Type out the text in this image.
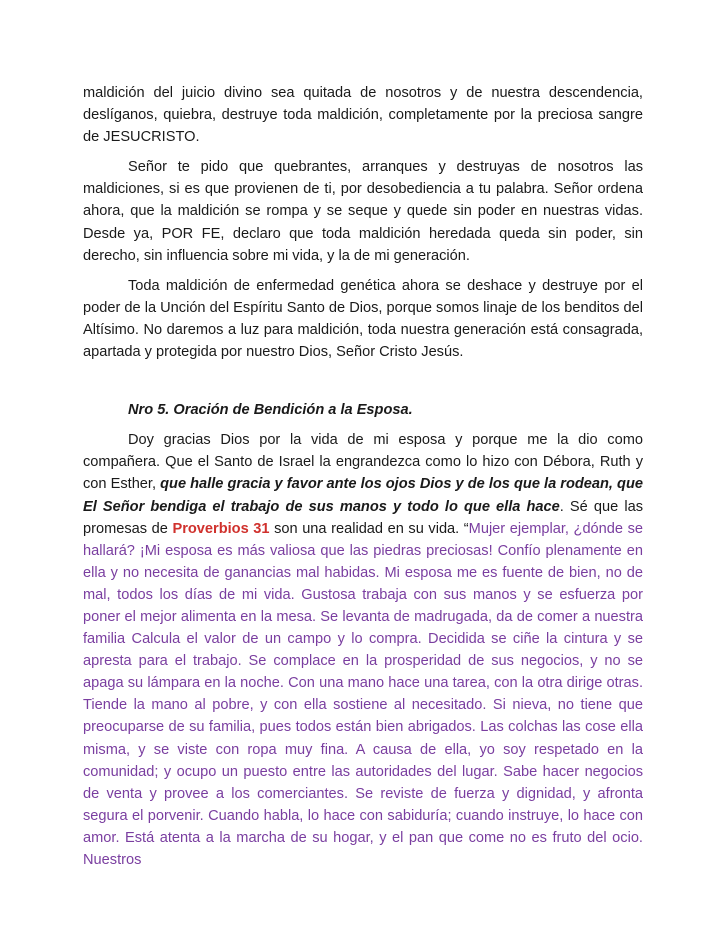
maldición del juicio divino sea quitada de nosotros y de nuestra descendencia, deslíganos, quiebra, destruye toda maldición, completamente por la preciosa sangre de JESUCRISTO.

Señor te pido que quebrantes, arranques y destruyas de nosotros las maldiciones, si es que provienen de ti, por desobediencia a tu palabra. Señor ordena ahora, que la maldición se rompa y se seque y quede sin poder en nuestras vidas. Desde ya, POR FE, declaro que toda maldición heredada queda sin poder, sin derecho, sin influencia sobre mi vida, y la de mi generación.

Toda maldición de enfermedad genética ahora se deshace y destruye por el poder de la Unción del Espíritu Santo de Dios, porque somos linaje de los benditos del Altísimo. No daremos a luz para maldición, toda nuestra generación está consagrada, apartada y protegida por nuestro Dios, Señor Cristo Jesús.

Nro 5. Oración de Bendición a la Esposa.

Doy gracias Dios por la vida de mi esposa y porque me la dio como compañera. Que el Santo de Israel la engrandezca como lo hizo con Débora, Ruth y con Esther, que halle gracia y favor ante los ojos Dios y de los que la rodean, que El Señor bendiga el trabajo de sus manos y todo lo que ella hace. Sé que las promesas de Proverbios 31 son una realidad en su vida. “Mujer ejemplar, ¿dónde se hallará? ¡Mi esposa es más valiosa que las piedras preciosas! Confío plenamente en ella y no necesita de ganancias mal habidas. Mi esposa me es fuente de bien, no de mal, todos los días de mi vida. Gustosa trabaja con sus manos y se esfuerza por poner el mejor alimenta en la mesa. Se levanta de madrugada, da de comer a nuestra familia Calcula el valor de un campo y lo compra. Decidida se ciñe la cintura y se apresta para el trabajo. Se complace en la prosperidad de sus negocios, y no se apaga su lámpara en la noche. Con una mano hace una tarea, con la otra dirige otras. Tiende la mano al pobre, y con ella sostiene al necesitado. Si nieva, no tiene que preocuparse de su familia, pues todos están bien abrigados. Las colchas las cose ella misma, y se viste con ropa muy fina. A causa de ella, yo soy respetado en la comunidad; y ocupo un puesto entre las autoridades del lugar. Sabe hacer negocios de venta y provee a los comerciantes. Se reviste de fuerza y dignidad, y afronta segura el porvenir. Cuando habla, lo hace con sabiduría; cuando instruye, lo hace con amor. Está atenta a la marcha de su hogar, y el pan que come no es fruto del ocio. Nuestros
